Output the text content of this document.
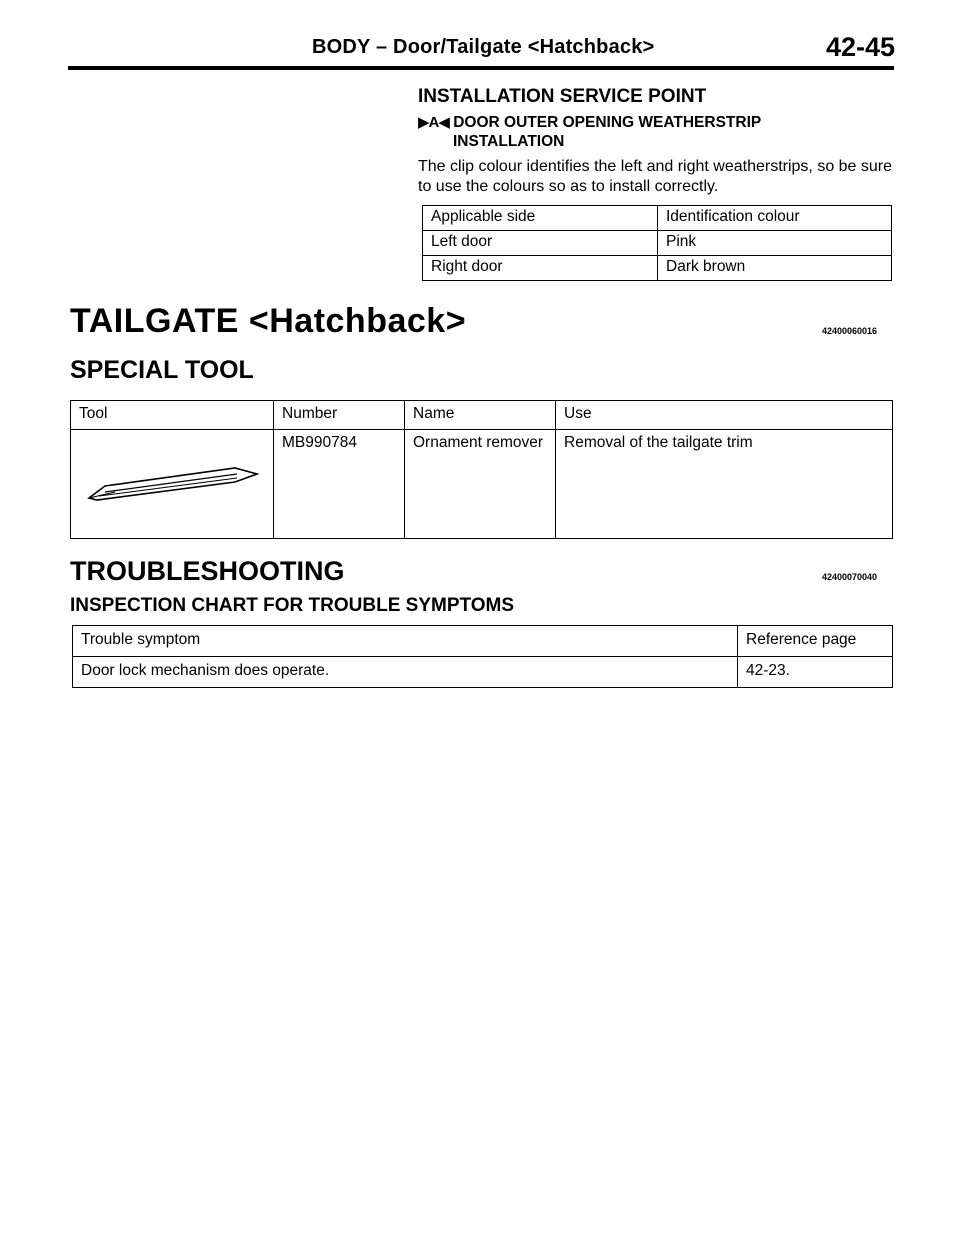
BODY – Door/Tailgate <Hatchback>	42-45
INSTALLATION SERVICE POINT
▶A◀ DOOR OUTER OPENING WEATHERSTRIP
INSTALLATION
The clip colour identifies the left and right weatherstrips, so be sure to use the colours so as to install correctly.
Applicable side	Identification colour
Left door	Pink
Right door	Dark brown
TAILGATE <Hatchback>	42400060016
SPECIAL TOOL
Tool	Number	Name	Use

	MB990784	Ornament remover	Removal of the tailgate trim
TROUBLESHOOTING	42400070040
INSPECTION CHART FOR TROUBLE SYMPTOMS
Trouble symptom	Reference page
Door lock mechanism does operate.	42-23.
